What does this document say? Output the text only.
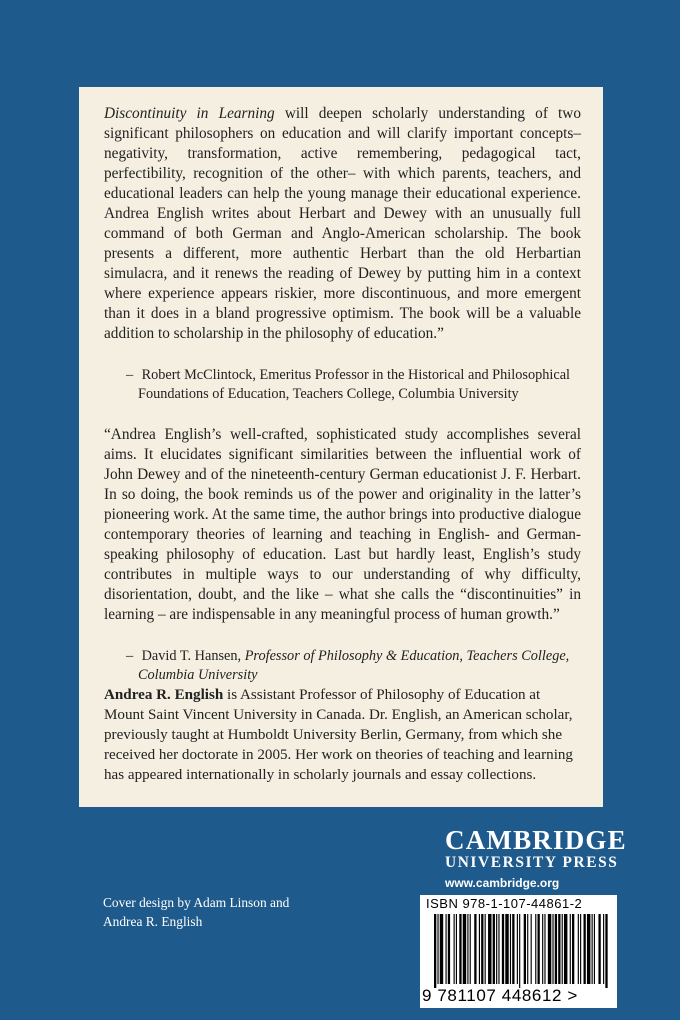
Discontinuity in Learning will deepen scholarly understanding of two significant philosophers on education and will clarify important concepts– negativity, transformation, active remembering, pedagogical tact, perfectibility, recognition of the other– with which parents, teachers, and educational leaders can help the young manage their educational experience. Andrea English writes about Herbart and Dewey with an unusually full command of both German and Anglo-American scholarship. The book presents a different, more authentic Herbart than the old Herbartian simulacra, and it renews the reading of Dewey by putting him in a context where experience appears riskier, more discontinuous, and more emergent than it does in a bland progressive optimism. The book will be a valuable addition to scholarship in the philosophy of education.”

– Robert McClintock, Emeritus Professor in the Historical and Philosophical Foundations of Education, Teachers College, Columbia University

“Andrea English’s well-crafted, sophisticated study accomplishes several aims. It elucidates significant similarities between the influential work of John Dewey and of the nineteenth-century German educationist J. F. Herbart. In so doing, the book reminds us of the power and originality in the latter’s pioneering work. At the same time, the author brings into productive dialogue contemporary theories of learning and teaching in English- and German-speaking philosophy of education. Last but hardly least, English’s study contributes in multiple ways to our understanding of why difficulty, disorientation, doubt, and the like – what she calls the “discontinuities” in learning – are indispensable in any meaningful process of human growth.”

– David T. Hansen, Professor of Philosophy & Education, Teachers College, Columbia University

Andrea R. English is Assistant Professor of Philosophy of Education at Mount Saint Vincent University in Canada. Dr. English, an American scholar, previously taught at Humboldt University Berlin, Germany, from which she received her doctorate in 2005. Her work on theories of teaching and learning has appeared internationally in scholarly journals and essay collections.

CAMBRIDGE
UNIVERSITY PRESS
www.cambridge.org
Cover design by Adam Linson and
Andrea R. English
ISBN 978-1-107-44861-2
9 781107 448612 >
